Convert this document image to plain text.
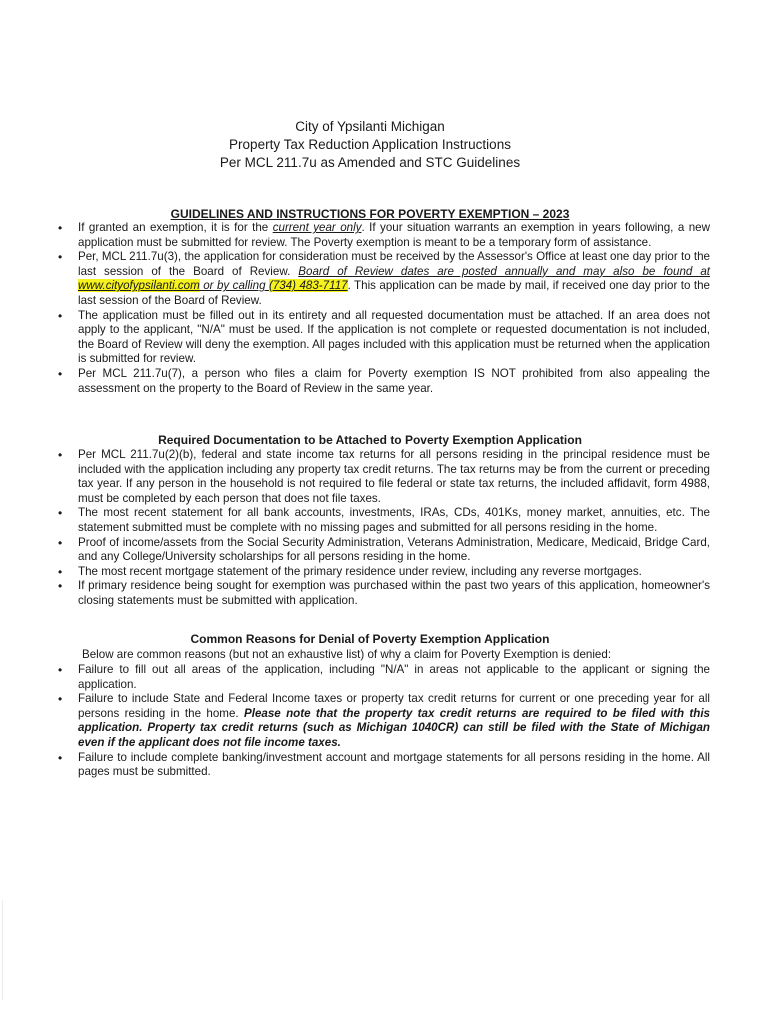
City of Ypsilanti Michigan
Property Tax Reduction Application Instructions
Per MCL 211.7u as Amended and STC Guidelines
GUIDELINES AND INSTRUCTIONS FOR POVERTY EXEMPTION – 2023
• If granted an exemption, it is for the current year only. If your situation warrants an exemption in years following, a new application must be submitted for review. The Poverty exemption is meant to be a temporary form of assistance.
• Per, MCL 211.7u(3), the application for consideration must be received by the Assessor's Office at least one day prior to the last session of the Board of Review. Board of Review dates are posted annually and may also be found at www.cityofypsilanti.com or by calling (734) 483-7117. This application can be made by mail, if received one day prior to the last session of the Board of Review.
• The application must be filled out in its entirety and all requested documentation must be attached. If an area does not apply to the applicant, "N/A" must be used. If the application is not complete or requested documentation is not included, the Board of Review will deny the exemption. All pages included with this application must be returned when the application is submitted for review.
• Per MCL 211.7u(7), a person who files a claim for Poverty exemption IS NOT prohibited from also appealing the assessment on the property to the Board of Review in the same year.
Required Documentation to be Attached to Poverty Exemption Application
• Per MCL 211.7u(2)(b), federal and state income tax returns for all persons residing in the principal residence must be included with the application including any property tax credit returns. The tax returns may be from the current or preceding tax year. If any person in the household is not required to file federal or state tax returns, the included affidavit, form 4988, must be completed by each person that does not file taxes.
• The most recent statement for all bank accounts, investments, IRAs, CDs, 401Ks, money market, annuities, etc. The statement submitted must be complete with no missing pages and submitted for all persons residing in the home.
• Proof of income/assets from the Social Security Administration, Veterans Administration, Medicare, Medicaid, Bridge Card, and any College/University scholarships for all persons residing in the home.
• The most recent mortgage statement of the primary residence under review, including any reverse mortgages.
• If primary residence being sought for exemption was purchased within the past two years of this application, homeowner's closing statements must be submitted with application.
Common Reasons for Denial of Poverty Exemption Application
Below are common reasons (but not an exhaustive list) of why a claim for Poverty Exemption is denied:
• Failure to fill out all areas of the application, including "N/A" in areas not applicable to the applicant or signing the application.
• Failure to include State and Federal Income taxes or property tax credit returns for current or one preceding year for all persons residing in the home. Please note that the property tax credit returns are required to be filed with this application. Property tax credit returns (such as Michigan 1040CR) can still be filed with the State of Michigan even if the applicant does not file income taxes.
• Failure to include complete banking/investment account and mortgage statements for all persons residing in the home. All pages must be submitted.
